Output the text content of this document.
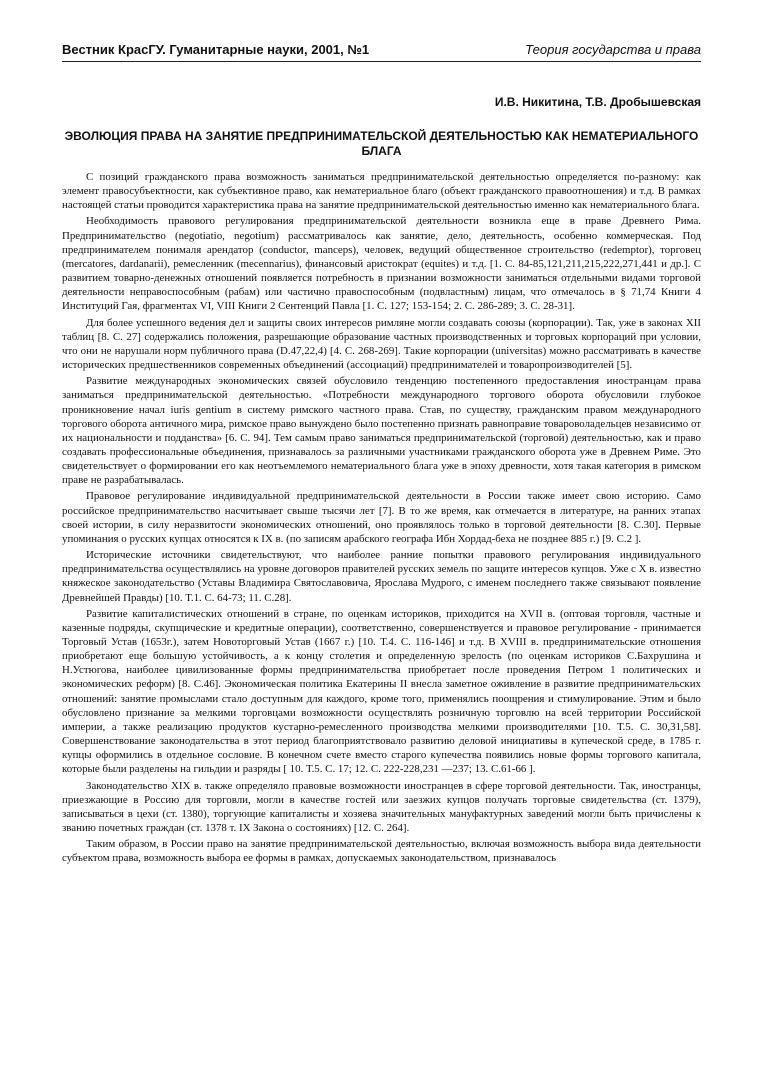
Вестник КрасГУ. Гуманитарные науки, 2001, №1	Теория государства и права
И.В. Никитина, Т.В. Дробышевская
ЭВОЛЮЦИЯ ПРАВА НА ЗАНЯТИЕ ПРЕДПРИНИМАТЕЛЬСКОЙ ДЕЯТЕЛЬНОСТЬЮ КАК НЕМАТЕРИАЛЬНОГО БЛАГА

С позиций гражданского права возможность заниматься предпринимательской деятельностью определяется по-разному: как элемент правосубъектности, как субъективное право, как нематериальное благо (объект гражданского правоотношения) и т.д. В рамках настоящей статьи проводится характеристика права на занятие предпринимательской деятельностью именно как нематериального блага.

Необходимость правового регулирования предпринимательской деятельности возникла еще в праве Древнего Рима. Предпринимательство (negotiatio, negotium) рассматривалось как занятие, дело, деятельность, особенно коммерческая. Под предпринимателем понималя арендатор (conductor, manceps), человек, ведущий общественное строительство (redemptor), торговец (mercatores, dardanarii), ремесленник (mecennarius), финансовый аристократ (equites) и т.д. [1. С. 84-85,121,211,215,222,271,441 и др.]. С развитием товарно-денежных отношений появляется потребность в признании возможности заниматься отдельными видами торговой деятельности неправоспособным (рабам) или частично правоспособным (подвластным) лицам, что отмечалось в § 71,74 Книги 4 Институций Гая, фрагментах VI, VIII Книги 2 Сентенций Павла [1. С. 127; 153-154; 2. С. 286-289; 3. С. 28-31].

Для более успешного ведения дел и защиты своих интересов римляне могли создавать союзы (корпорации). Так, уже в законах XII таблиц [8. С. 27] содержались положения, разрешающие образование частных производственных и торговых корпораций при условии, что они не нарушали норм публичного права (D.47,22,4) [4. С. 268-269]. Такие корпорации (universitas) можно рассматривать в качестве исторических предшественников современных объединений (ассоциаций) предпринимателей и товаропроизводителей [5].

Развитие международных экономических связей обусловило тенденцию постепенного предоставления иностранцам права заниматься предпринимательской деятельностью. «Потребности международного торгового оборота обусловили глубокое проникновение начал iuris gentium в систему римского частного права. Став, по существу, гражданским правом международного торгового оборота античного мира, римское право вынуждено было постепенно признать равноправие товароволадельцев независимо от их национальности и подданства» [6. С. 94]. Тем самым право заниматься предпринимательской (торговой) деятельностью, как и право создавать профессиональные объединения, признавалось за различными участниками гражданского оборота уже в Древнем Риме. Это свидетельствует о формировании его как неотъемлемого нематериального блага уже в эпоху древности, хотя такая категория в римском праве не разрабатывалась.

Правовое регулирование индивидуальной предпринимательской деятельности в России также имеет свою историю. Само российское предпринимательство насчитывает свыше тысячи лет [7]. В то же время, как отмечается в литературе, на ранних этапах своей истории, в силу неразвитости экономических отношений, оно проявлялось только в торговой деятельности [8. С.30]. Первые упоминания о русских купцах относятся к IX в. (по записям арабского географа Ибн Хордад-беха не позднее 885 г.) [9. С.2 ].

Исторические источники свидетельствуют, что наиболее ранние попытки правового регулирования индивидуального предпринимательства осуществлялись на уровне договоров правителей русских земель по защите интересов купцов. Уже с X в. известно княжеское законодательство (Уставы Владимира Святославовича, Ярослава Мудрого, с именем последнего также связывают появление Древнейшей Правды) [10. Т.1. С. 64-73; 11. С.28].

Развитие капиталистических отношений в стране, по оценкам историков, приходится на XVII в. (оптовая торговля, частные и казенные подряды, скупщические и кредитные операции), соответственно, совершенствуется и правовое регулирование - принимается Торговый Устав (1653г.), затем Новоторговый Устав (1667 г.) [10. Т.4. С. 116-146] и т.д. В XVIII в. предпринимательские отношения приобретают еще большую устойчивость, а к концу столетия и определенную зрелость (по оценкам историков С.Бахрушина и Н.Устюгова, наиболее цивилизованные формы предпринимательства приобретает после проведения Петром 1 политических и экономических реформ) [8. С.46]. Экономическая политика Екатерины II внесла заметное оживление в развитие предпринимательских отношений: занятие промыслами стало доступным для каждого, кроме того, применялись поощрения и стимулирование. Этим и было обусловлено признание за мелкими торговцами возможности осуществлять розничную торговлю на всей территории Российской империи, а также реализацию продуктов кустарно-ремесленного производства мелкими производителями [10. Т.5. С. 30,31,58]. Совершенствование законодательства в этот период благоприятствовало развитию деловой инициативы в купеческой среде, в 1785 г. купцы оформились в отдельное сословие. В конечном счете вместо старого купечества появились новые формы торгового капитала, которые были разделены на гильдии и разряды [ 10. Т.5. С. 17; 12. С. 222-228,231 —237; 13. С.61-66 ].

Законодательство XIX в. также определяло правовые возможности иностранцев в сфере торговой деятельности. Так, иностранцы, приезжающие в Россию для торговли, могли в качестве гостей или заезжих купцов получать торговые свидетельства (ст. 1379), записываться в цехи (ст. 1380), торгующие капиталисты и хозяева значительных мануфактурных заведений могли быть причислены к званию почетных граждан (ст. 1378 т. IX Закона о состояниях) [12. С. 264].

Таким образом, в России право на занятие предпринимательской деятельностью, включая возможность выбора вида деятельности субъектом права, возможность выбора ее формы в рамках, допускаемых законодательством, признавалось
